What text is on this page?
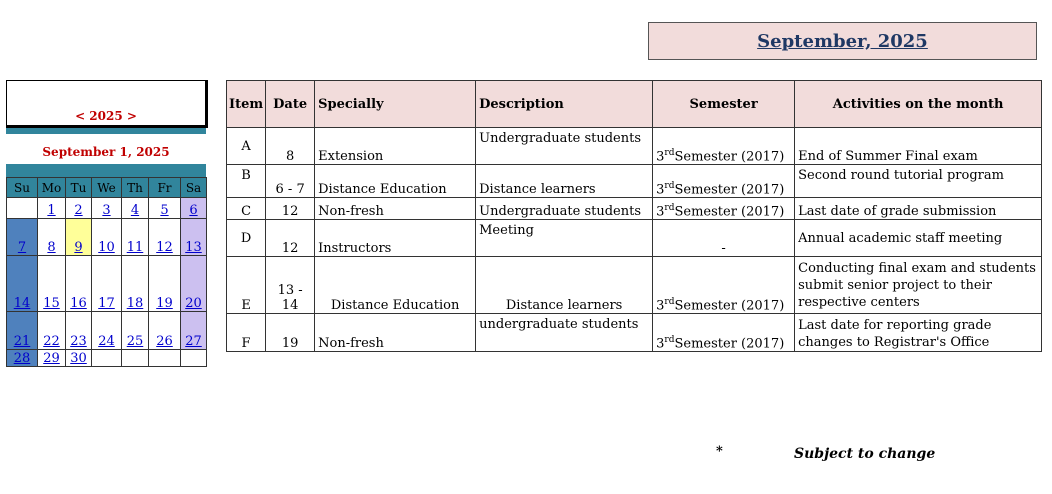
September, 2025
< 2025 >
September 1, 2025
Su	Mo	Tu	We	Th	Fr	Sa
	1	2	3	4	5	6
7	8	9	10	11	12	13
14	15	16	17	18	19	20
21	22	23	24	25	26	27
28	29	30				
Item	Date	Specially	Description	Semester	Activities on the month
A	8	Extension	Undergraduate students	3rdSemester (2017)	End of Summer Final exam
B	6 - 7	Distance Education	Distance learners	3rdSemester (2017)	Second round tutorial program
C	12	Non-fresh	Undergraduate students	3rdSemester (2017)	Last date of grade submission
D	12	Instructors	Meeting	-	Annual academic staff meeting
E	13 - 14	Distance Education	Distance learners	3rdSemester (2017)	Conducting final exam and students submit senior project to their respective centers
F	19	Non-fresh	undergraduate students	3rdSemester (2017)	Last date for reporting grade changes to Registrar's Office
*	Subject to change
